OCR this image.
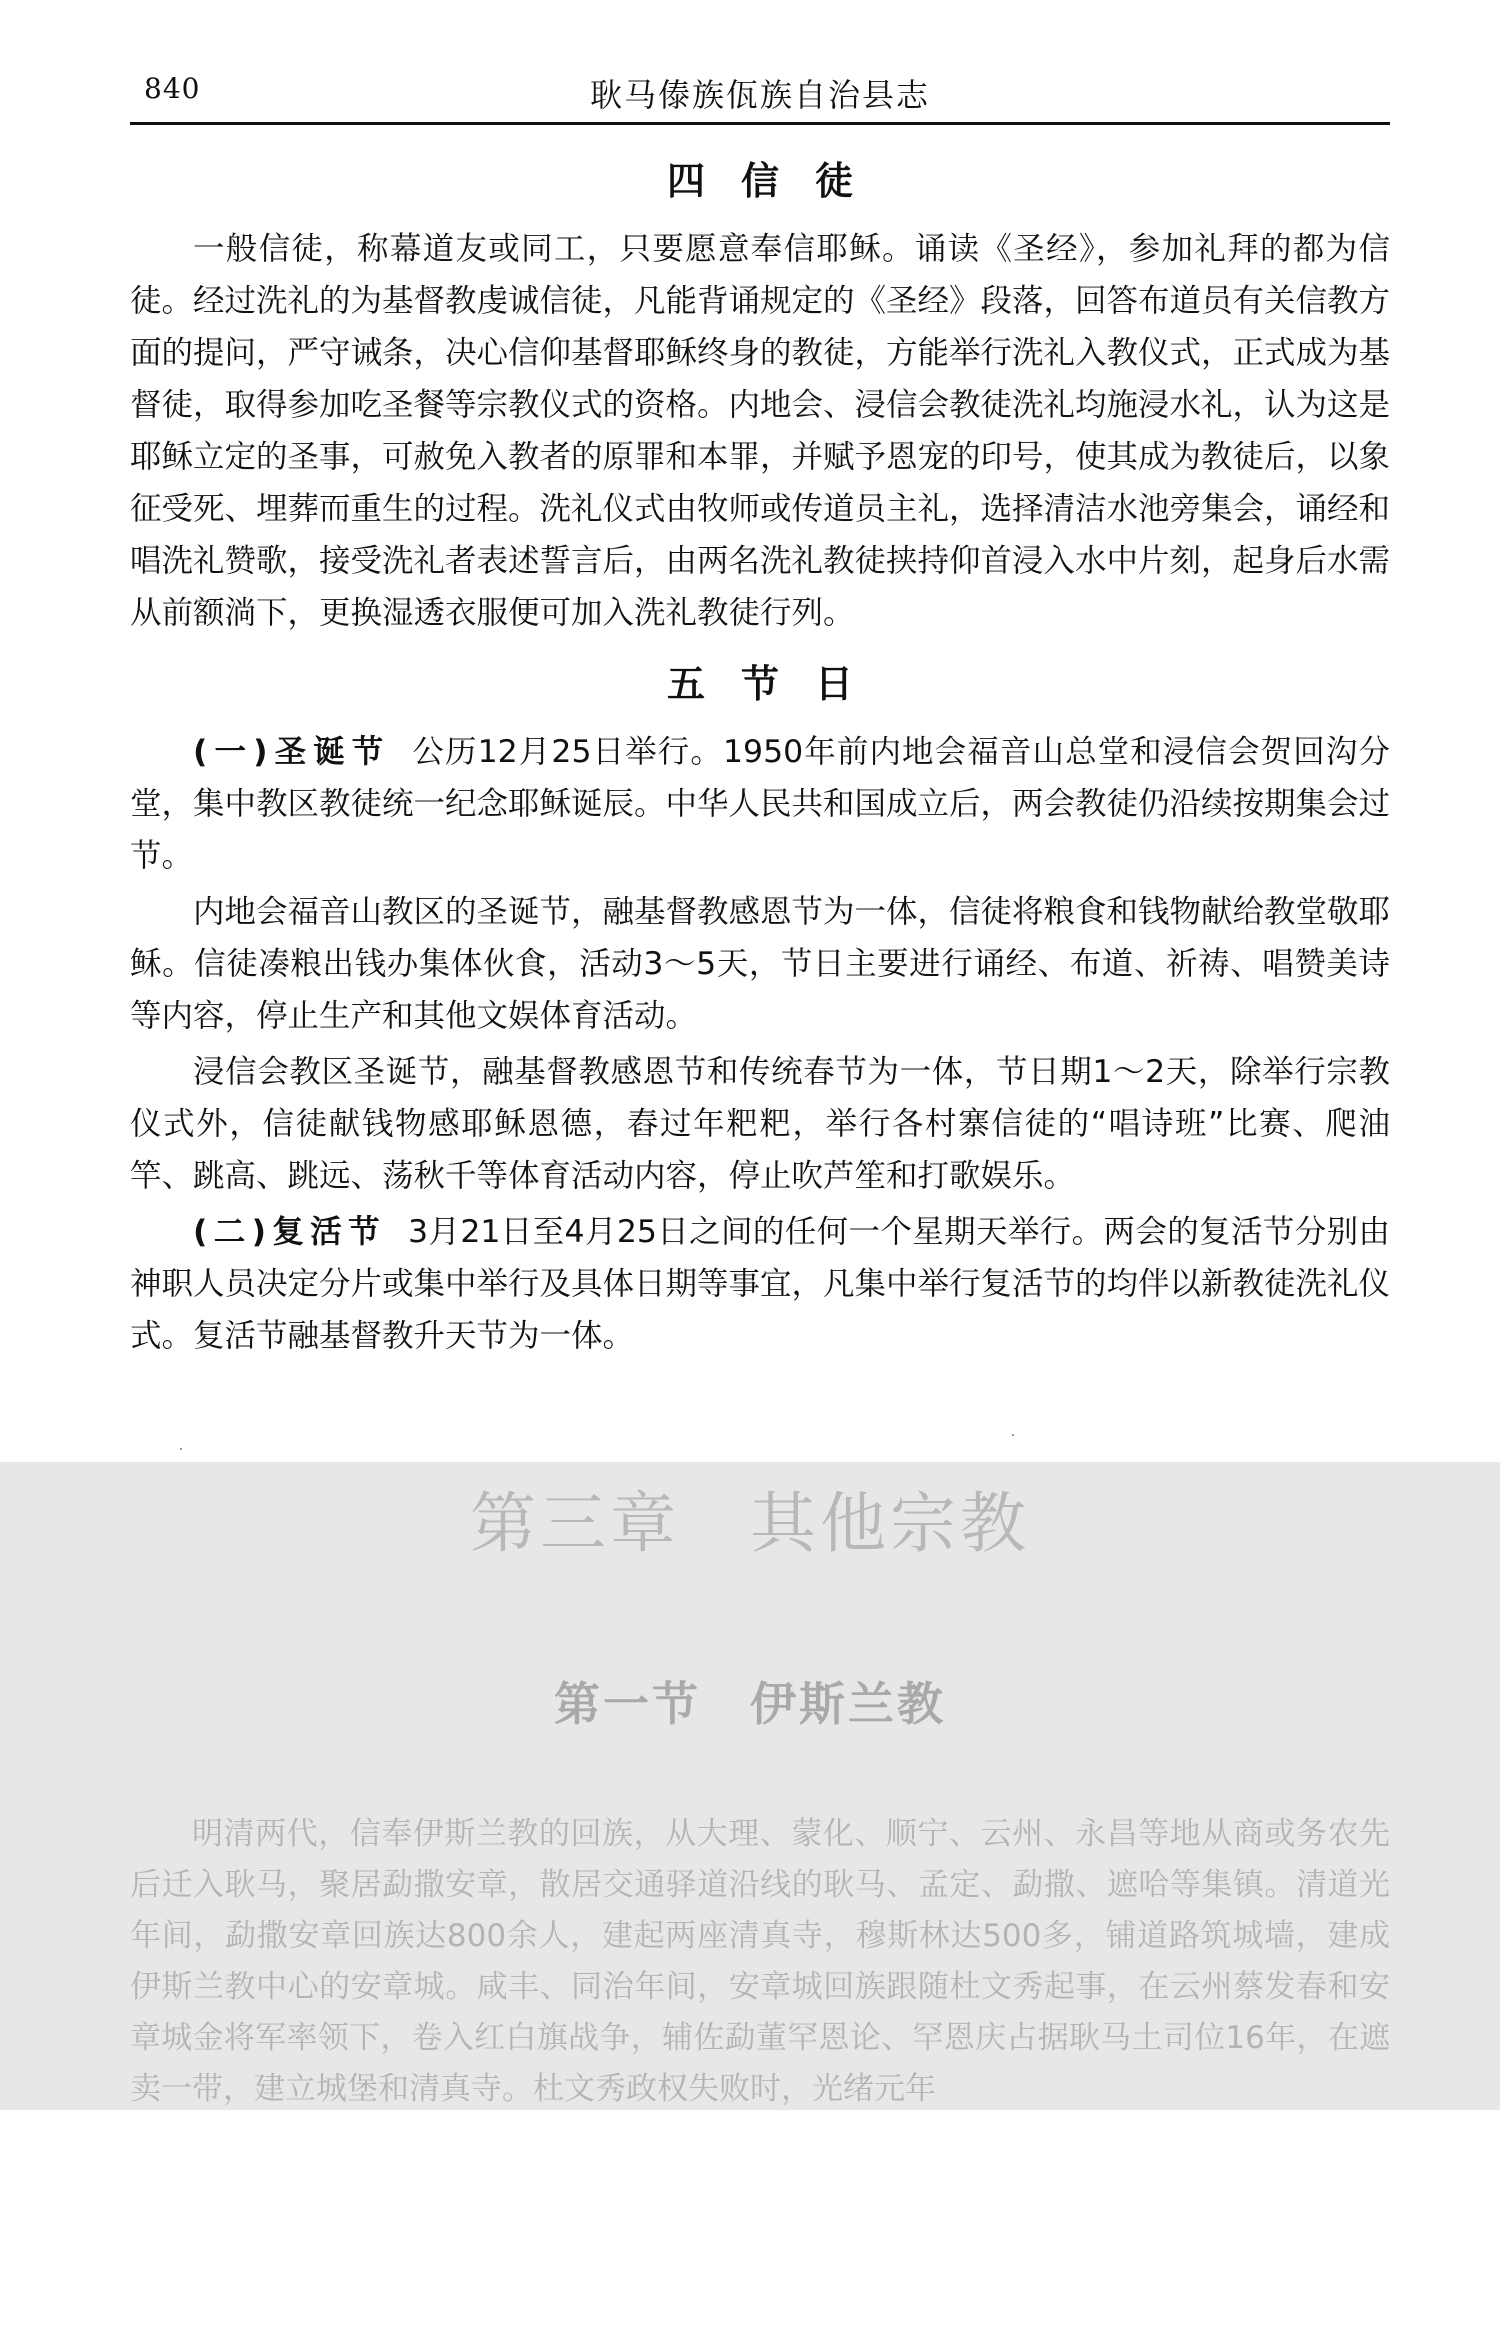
840	耿马傣族佤族自治县志
四信徒

一般信徒，称幕道友或同工，只要愿意奉信耶稣。诵读《圣经》，参加礼拜的都为信徒。经过洗礼的为基督教虔诚信徒，凡能背诵规定的《圣经》段落，回答布道员有关信教方面的提问，严守诫条，决心信仰基督耶稣终身的教徒，方能举行洗礼入教仪式，正式成为基督徒，取得参加吃圣餐等宗教仪式的资格。内地会、浸信会教徒洗礼均施浸水礼，认为这是耶稣立定的圣事，可赦免入教者的原罪和本罪，并赋予恩宠的印号，使其成为教徒后，以象征受死、埋葬而重生的过程。洗礼仪式由牧师或传道员主礼，选择清洁水池旁集会，诵经和唱洗礼赞歌，接受洗礼者表述誓言后，由两名洗礼教徒挟持仰首浸入水中片刻，起身后水需从前额淌下，更换湿透衣服便可加入洗礼教徒行列。

五节日

(一)圣诞节 公历12月25日举行。1950年前内地会福音山总堂和浸信会贺回沟分堂，集中教区教徒统一纪念耶稣诞辰。中华人民共和国成立后，两会教徒仍沿续按期集会过节。

内地会福音山教区的圣诞节，融基督教感恩节为一体，信徒将粮食和钱物献给教堂敬耶稣。信徒凑粮出钱办集体伙食，活动3～5天，节日主要进行诵经、布道、祈祷、唱赞美诗等内容，停止生产和其他文娱体育活动。

浸信会教区圣诞节，融基督教感恩节和传统春节为一体，节日期1～2天，除举行宗教仪式外，信徒献钱物感耶稣恩德，舂过年粑粑，举行各村寨信徒的“唱诗班”比赛、爬油竿、跳高、跳远、荡秋千等体育活动内容，停止吹芦笙和打歌娱乐。

(二)复活节 3月21日至4月25日之间的任何一个星期天举行。两会的复活节分别由神职人员决定分片或集中举行及具体日期等事宜，凡集中举行复活节的均伴以新教徒洗礼仪式。复活节融基督教升天节为一体。

第三章　其他宗教
第一节　伊斯兰教

明清两代，信奉伊斯兰教的回族，从大理、蒙化、顺宁、云州、永昌等地从商或务农先后迁入耿马，聚居勐撒安章，散居交通驿道沿线的耿马、孟定、勐撒、遮哈等集镇。清道光年间，勐撒安章回族达800余人，建起两座清真寺，穆斯林达500多，铺道路筑城墙，建成伊斯兰教中心的安章城。咸丰、同治年间，安章城回族跟随杜文秀起事，在云州蔡发春和安章城金将军率领下，卷入红白旗战争，辅佐勐董罕恩论、罕恩庆占据耿马土司位16年，在遮卖一带，建立城堡和清真寺。杜文秀政权失败时，光绪元年
